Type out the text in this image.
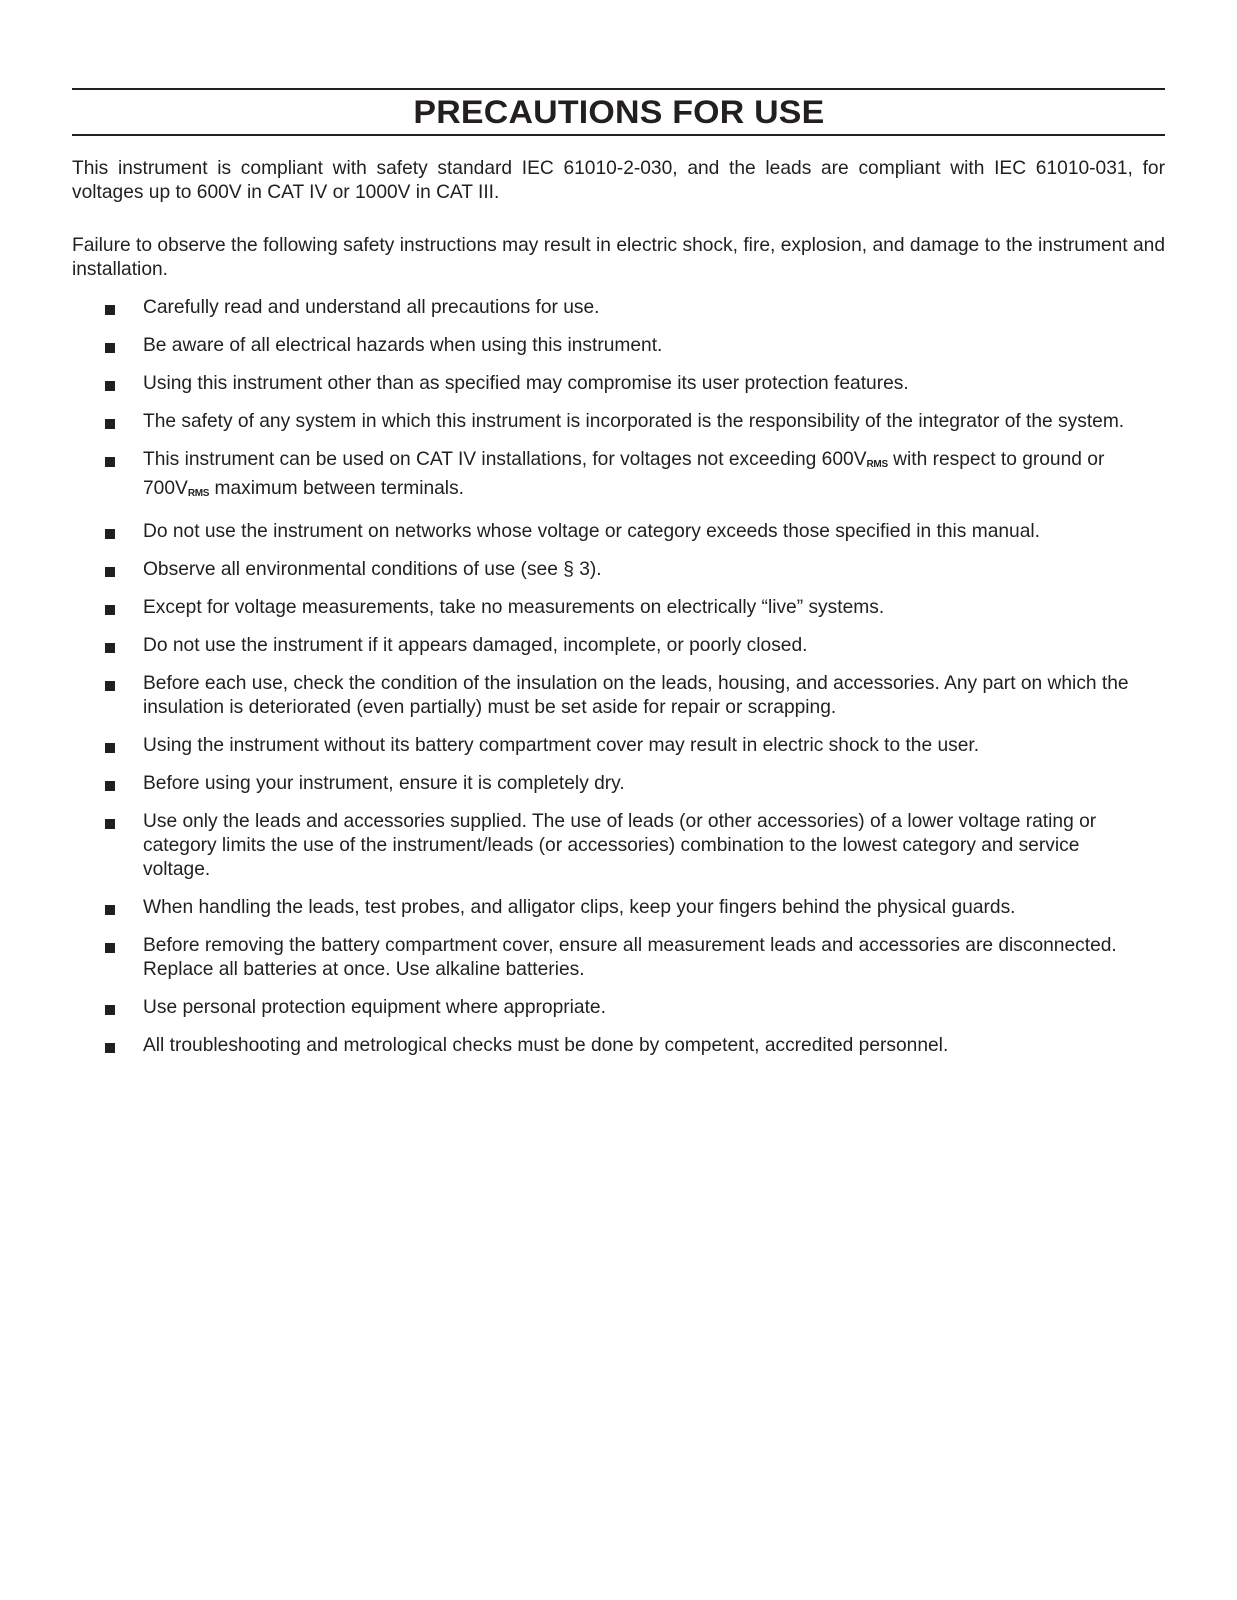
PRECAUTIONS FOR USE

This instrument is compliant with safety standard IEC 61010-2-030, and the leads are compliant with IEC 61010-031, for voltages up to 600V in CAT IV or 1000V in CAT III.

Failure to observe the following safety instructions may result in electric shock, fire, explosion, and damage to the instrument and installation.

Carefully read and understand all precautions for use.
Be aware of all electrical hazards when using this instrument.
Using this instrument other than as specified may compromise its user protection features.
The safety of any system in which this instrument is incorporated is the responsibility of the integrator of the system.
This instrument can be used on CAT IV installations, for voltages not exceeding $600V_{RMS}$ with respect to ground or $700V_{RMS}$ maximum between terminals.
Do not use the instrument on networks whose voltage or category exceeds those specified in this manual.
Observe all environmental conditions of use (see § 3).
Except for voltage measurements, take no measurements on electrically “live” systems.
Do not use the instrument if it appears damaged, incomplete, or poorly closed.
Before each use, check the condition of the insulation on the leads, housing, and accessories. Any part on which the insulation is deteriorated (even partially) must be set aside for repair or scrapping.
Using the instrument without its battery compartment cover may result in electric shock to the user.
Before using your instrument, ensure it is completely dry.
Use only the leads and accessories supplied. The use of leads (or other accessories) of a lower voltage rating or category limits the use of the instrument/leads (or accessories) combination to the lowest category and service voltage.
When handling the leads, test probes, and alligator clips, keep your fingers behind the physical guards.
Before removing the battery compartment cover, ensure all measurement leads and accessories are disconnected. Replace all batteries at once. Use alkaline batteries.
Use personal protection equipment where appropriate.
All troubleshooting and metrological checks must be done by competent, accredited personnel.
